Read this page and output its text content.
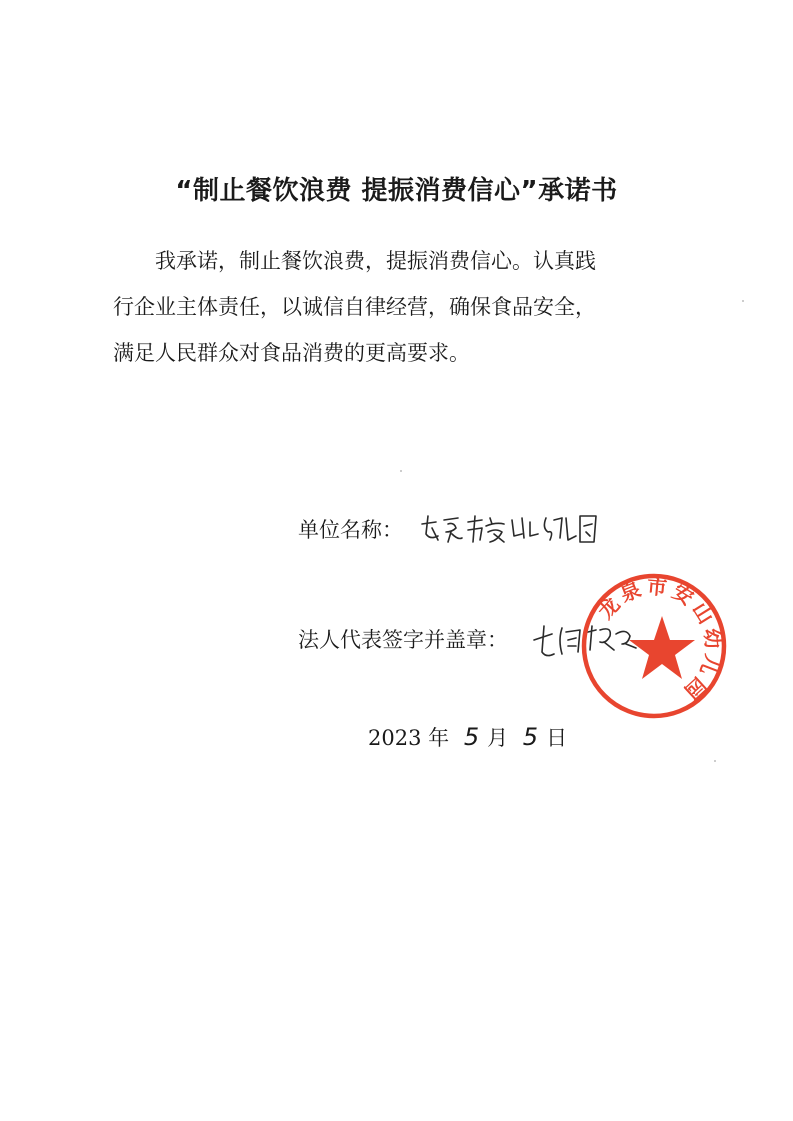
“制止餐饮浪费 提振消费信心”承诺书
我承诺，制止餐饮浪费，提振消费信心。认真践
行企业主体责任，以诚信自律经营，确保食品安全，
满足人民群众对食品消费的更高要求。
单位名称：
法人代表签字并盖章：
龙泉市安山幼儿园
2023 年 5 月 5 日
